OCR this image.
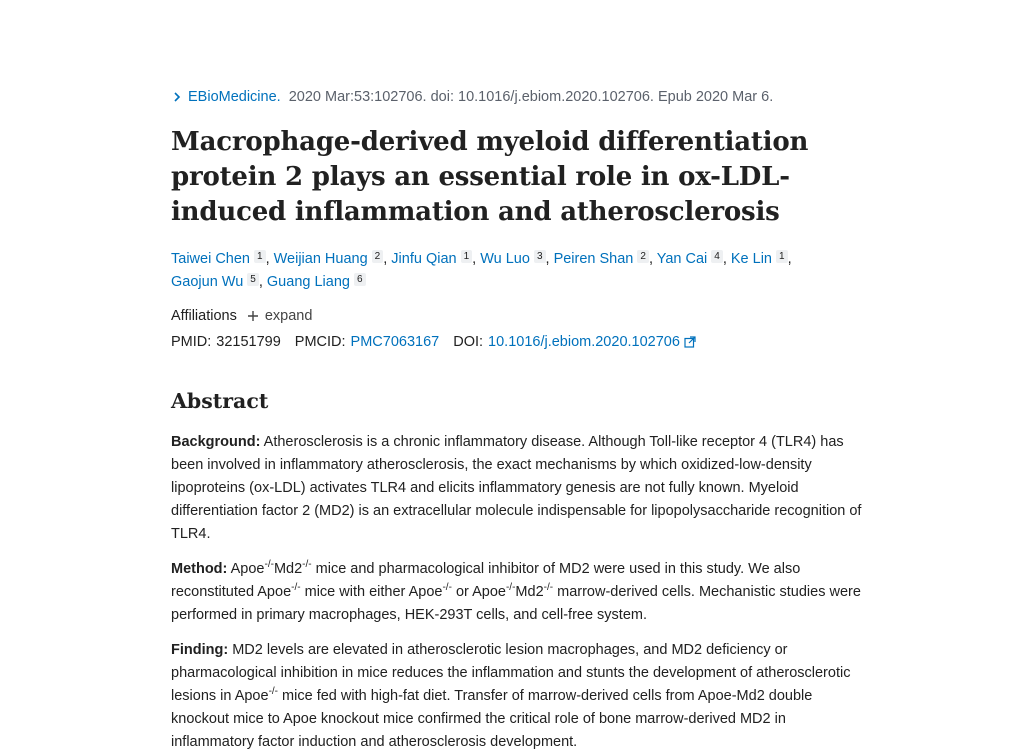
EBioMedicine.
2020 Mar:53:102706. doi: 10.1016/j.ebiom.2020.102706. Epub 2020 Mar 6.
Macrophage-derived myeloid differentiation protein 2 plays an essential role in ox-LDL-induced inflammation and atherosclerosis
Taiwei Chen 1 , Weijian Huang 2 , Jinfu Qian 1 , Wu Luo 3 , Peiren Shan 2 , Yan Cai 4 , Ke Lin 1 , Gaojun Wu 5 , Guang Liang 6
Affiliations expand
PMID: 32151799 PMCID: PMC7063167 DOI: 10.1016/j.ebiom.2020.102706
Abstract

Background: Atherosclerosis is a chronic inflammatory disease. Although Toll-like receptor 4 (TLR4) has been involved in inflammatory atherosclerosis, the exact mechanisms by which oxidized-low-density lipoproteins (ox-LDL) activates TLR4 and elicits inflammatory genesis are not fully known. Myeloid differentiation factor 2 (MD2) is an extracellular molecule indispensable for lipopolysaccharide recognition of TLR4.

Method: Apoe-/-Md2-/- mice and pharmacological inhibitor of MD2 were used in this study. We also reconstituted Apoe-/- mice with either Apoe-/- or Apoe-/-Md2-/- marrow-derived cells. Mechanistic studies were performed in primary macrophages, HEK-293T cells, and cell-free system.

Finding: MD2 levels are elevated in atherosclerotic lesion macrophages, and MD2 deficiency or pharmacological inhibition in mice reduces the inflammation and stunts the development of atherosclerotic lesions in Apoe-/- mice fed with high-fat diet. Transfer of marrow-derived cells from Apoe-Md2 double knockout mice to Apoe knockout mice confirmed the critical role of bone marrow-derived MD2 in inflammatory factor induction and atherosclerosis development.
